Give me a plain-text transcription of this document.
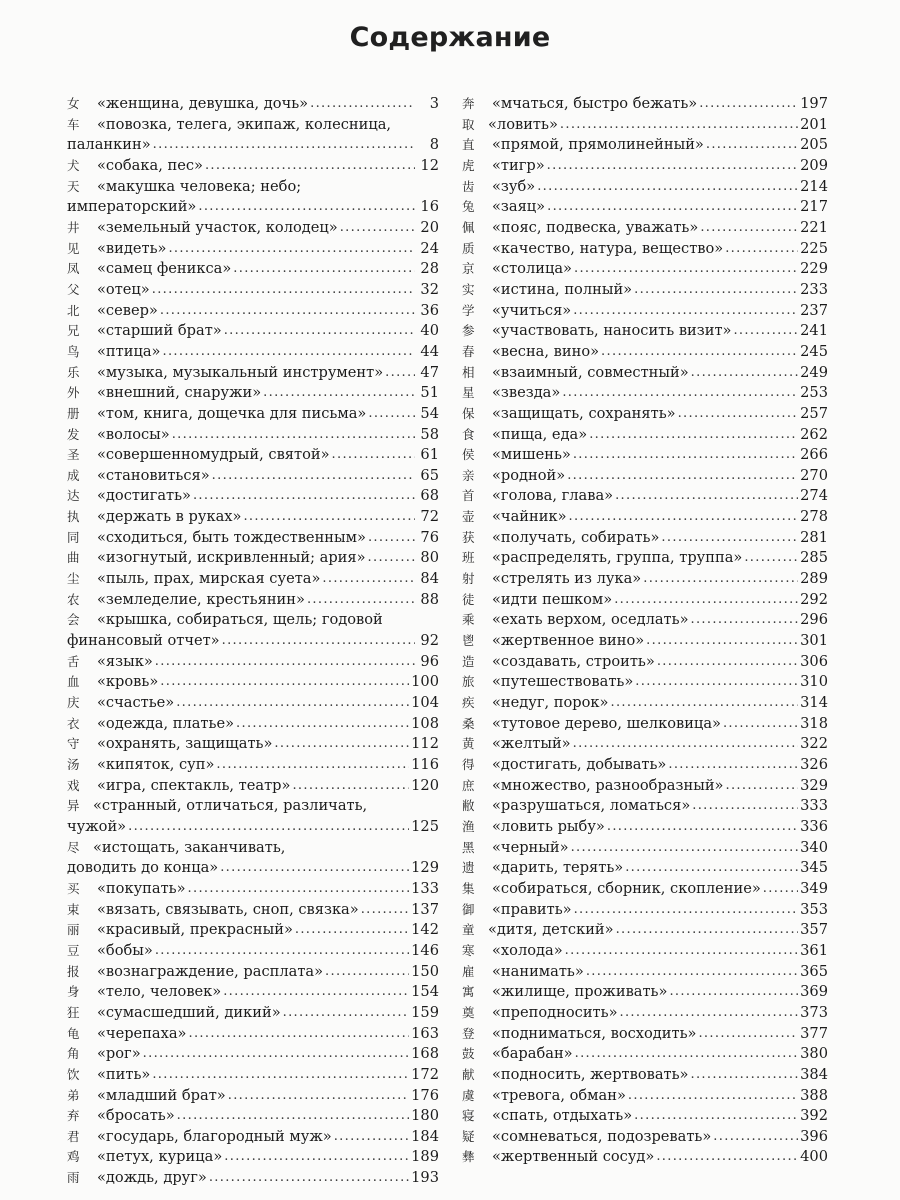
Содержание
女	«женщина, девушка, дочь» . . .	3
车	«повозка, телега, экипаж, колесница,
паланкин» . . .	8
犬	«собака, пес» . . .	12
天	«макушка человека; небо;
императорский» . . .	16
井	«земельный участок, колодец» . . .	20
见	«видеть» . . .	24
凤	«самец феникса» . . .	28
父	«отец» . . .	32
北	«север» . . .	36
兄	«старший брат» . . .	40
鸟	«птица» . . .	44
乐	«музыка, музыкальный инструмент» . . .	47
外	«внешний, снаружи» . . .	51
册	«том, книга, дощечка для письма» . . .	54
发	«волосы» . . .	58
圣	«совершенномудрый, святой» . . .	61
成	«становиться» . . .	65
达	«достигать» . . .	68
执	«держать в руках» . . .	72
同	«сходиться, быть тождественным» . . .	76
曲	«изогнутый, искривленный; ария» . . .	80
尘	«пыль, прах, мирская суета» . . .	84
农	«земледелие, крестьянин» . . .	88
会	«крышка, собираться, щель; годовой
финансовый отчет» . . .	92
舌	«язык» . . .	96
血	«кровь» . . .	100
庆	«счастье» . . .	104
衣	«одежда, платье» . . .	108
守	«охранять, защищать» . . .	112
汤	«кипяток, суп» . . .	116
戏	«игра, спектакль, театр» . . .	120
异 «странный, отличаться, различать,
чужой» . . .	125
尽 «истощать, заканчивать,
доводить до конца» . . .	129
买	«покупать» . . .	133
束	«вязать, связывать, сноп, связка» . . .	137
丽	«красивый, прекрасный» . . .	142
豆	«бобы» . . .	146
报	«вознаграждение, расплата» . . .	150
身	«тело, человек» . . .	154
狂	«сумасшедший, дикий» . . .	159
龟	«черепаха» . . .	163
角	«рог» . . .	168
饮	«пить» . . .	172
弟	«младший брат» . . .	176
弃	«бросать» . . .	180
君	«государь, благородный муж» . . .	184
鸡	«петух, курица» . . .	189
雨	«дождь, друг» . . .	193
奔	«мчаться, быстро бежать» . . .	197
取 «ловить» . . .	201
直	«прямой, прямолинейный» . . .	205
虎	«тигр» . . .	209
齿	«зуб» . . .	214
兔	«заяц» . . .	217
佩	«пояс, подвеска, уважать» . . .	221
质	«качество, натура, вещество» . . .	225
京	«столица» . . .	229
实	«истина, полный» . . .	233
学	«учиться» . . .	237
参	«участвовать, наносить визит» . . .	241
春	«весна, вино» . . .	245
相	«взаимный, совместный» . . .	249
星	«звезда» . . .	253
保	«защищать, сохранять» . . .	257
食	«пища, еда» . . .	262
侯	«мишень» . . .	266
亲	«родной» . . .	270
首	«голова, глава» . . .	274
壶	«чайник» . . .	278
获	«получать, собирать» . . .	281
班	«распределять, группа, труппа» . . .	285
射	«стрелять из лука» . . .	289
徒	«идти пешком» . . .	292
乘	«ехать верхом, оседлать» . . .	296
鬯	«жертвенное вино» . . .	301
造	«создавать, строить» . . .	306
旅	«путешествовать» . . .	310
疾	«недуг, порок» . . .	314
桑	«тутовое дерево, шелковица» . . .	318
黄	«желтый» . . .	322
得	«достигать, добывать» . . .	326
庶	«множество, разнообразный» . . .	329
敝	«разрушаться, ломаться» . . .	333
渔	«ловить рыбу» . . .	336
黑	«черный» . . .	340
遗	«дарить, терять» . . .	345
集	«собираться, сборник, скопление» . . .	349
御	«править» . . .	353
童 «дитя, детский» . . .	357
寒	«холода» . . .	361
雇	«нанимать» . . .	365
寓	«жилище, проживать» . . .	369
奠	«преподносить» . . .	373
登	«подниматься, восходить» . . .	377
鼓	«барабан» . . .	380
献	«подносить, жертвовать» . . .	384
虞	«тревога, обман» . . .	388
寝	«спать, отдыхать» . . .	392
疑	«сомневаться, подозревать» . . .	396
彝	«жертвенный сосуд» . . .	400
